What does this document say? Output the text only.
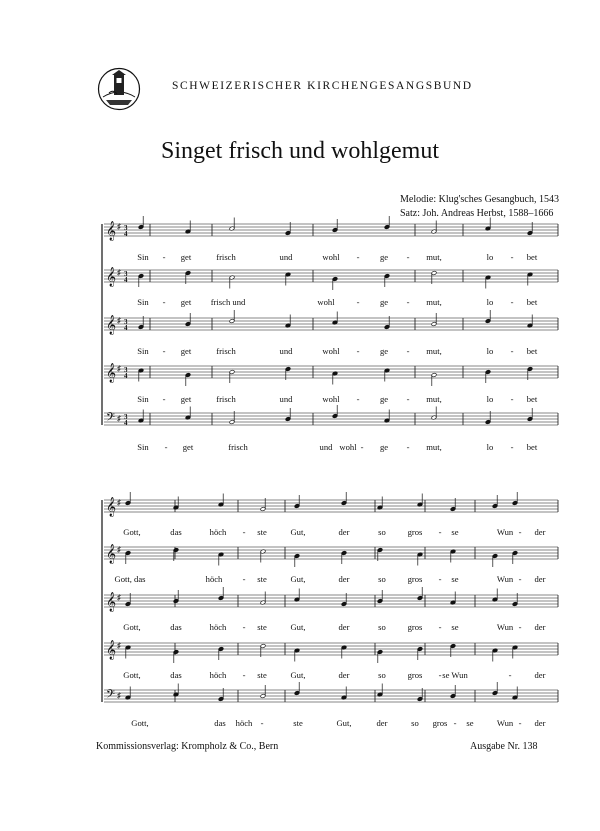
SCHWEIZERISCHER KIRCHENGESANGSBUND
Singet frisch und wohlgemut
Melodie: Klug'sches Gesangbuch, 1543
Satz: Joh. Andreas Herbst, 1588–1666
𝄞 ♯ 3
4
Sin - get	frisch	und	wohl - ge - mut,	lo - bet
𝄞 ♯ 3
4
Sin - get frisch und	wohl	- ge - mut,	lo - bet
𝄞 ♯ 3
4
Sin - get	frisch	und	wohl - ge - mut,	lo - bet
𝄞 ♯ 3
4
Sin - get	frisch	und	wohl - ge - mut,	lo - bet
𝄢 ♯ 3
4
Sin - get	frisch	und wohl - ge - mut,	lo - bet
𝄞 ♯
Gott,	das	höch - ste	Gut,	der	so	gros - se	Wun - der
𝄞 ♯
Gott, das	höch - ste	Gut,	der	so	gros - se	Wun - der
𝄞 ♯
Gott,	das	höch - ste	Gut,	der	so	gros - se	Wun - der
𝄞 ♯
Gott,	das	höch - ste	Gut,	der	so	gros - se Wun	-	der
𝄢 ♯
Gott,	das höch -	ste	Gut,	der	so gros - se	Wun - der
Kommissionsverlag: Krompholz & Co., Bern	Ausgabe Nr. 138
